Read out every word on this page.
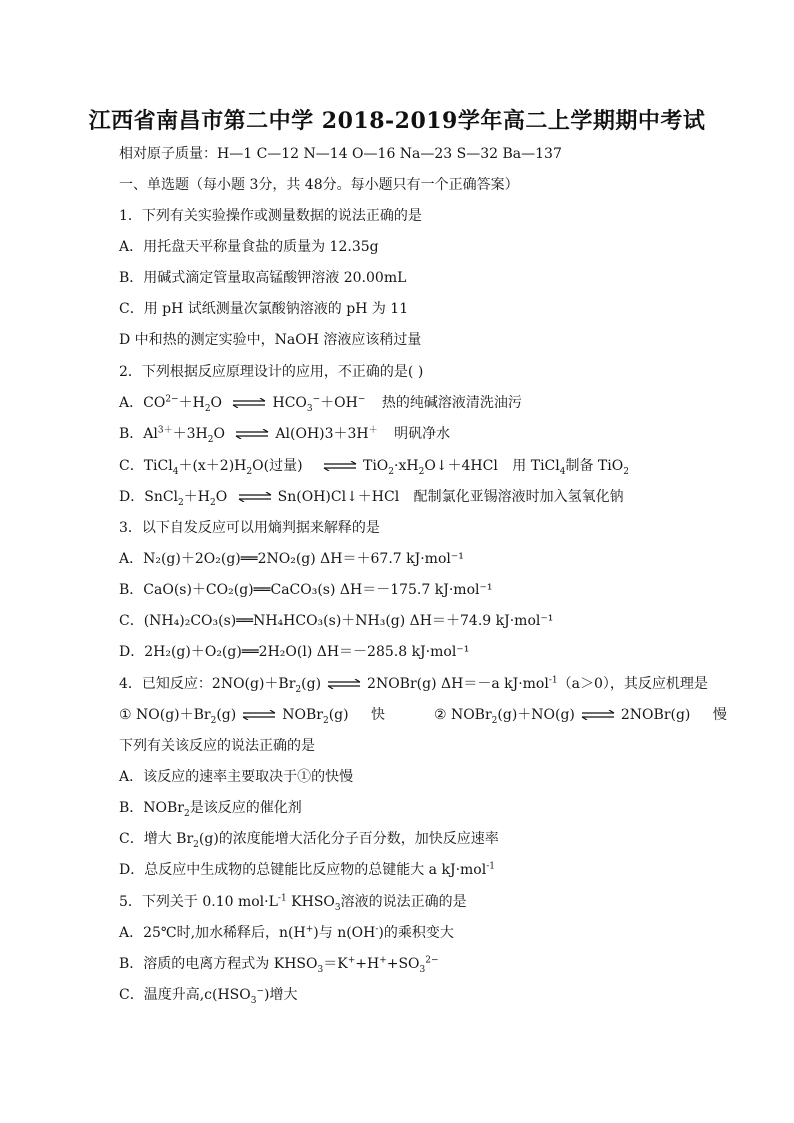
江西省南昌市第二中学 2018-2019学年高二上学期期中考试
相对原子质量：H—1 C—12 N—14 O—16 Na—23 S—32 Ba—137
一、单选题（每小题 3分，共 48分。每小题只有一个正确答案）
1．下列有关实验操作或测量数据的说法正确的是
A．用托盘天平称量食盐的质量为 12.35g
B．用碱式滴定管量取高锰酸钾溶液 20.00mL
C．用 pH 试纸测量次氯酸钠溶液的 pH 为 11
D 中和热的测定实验中，NaOH 溶液应该稍过量
2．下列根据反应原理设计的应用，不正确的是( )
A．$CO^{2-}+H_2O$	$HCO_3^-+OH^-$ 热的纯碱溶液清洗油污
B．$Al^{3+}+3H_2O$	Al(OH)3＋3H＋ 明矾净水
C．$TiCl_4+(x+2)H_2O$(过量)	$TiO_2\cdot xH_2O↓+4HCl$ 用 TiCl$_4$制备 TiO$_2$
D．$SnCl_2+H_2O$	Sn(OH)Cl↓＋HCl 配制氯化亚锡溶液时加入氢氧化钠
3．以下自发反应可以用熵判据来解释的是
A．N₂(g)＋2O₂(g)══2NO₂(g) ΔH＝＋67.7 kJ·mol⁻¹
B．CaO(s)＋CO₂(g)══CaCO₃(s) ΔH＝－175.7 kJ·mol⁻¹
C．(NH₄)₂CO₃(s)══NH₄HCO₃(s)＋NH₃(g) ΔH＝＋74.9 kJ·mol⁻¹
D．2H₂(g)＋O₂(g)══2H₂O(l) ΔH＝－285.8 kJ·mol⁻¹
4．已知反应：$2NO(g)+Br_2(g)$	2NOBr(g) ΔH＝－a kJ·mol$^{-1}$（a＞0），其反应机理是
① $NO(g)+Br_2(g)$	NOBr$_2$(g) 快	② NOBr$_2$(g)＋NO(g)	2NOBr(g) 慢
下列有关该反应的说法正确的是
A．该反应的速率主要取决于①的快慢
B．NOBr$_2$是该反应的催化剂
C．增大 $Br_2(g)$的浓度能增大活化分子百分数，加快反应速率
D．总反应中生成物的总键能比反应物的总键能大 a kJ·mol$^{-1}$
5．下列关于 0.10 $mol\cdot L^{-1}$ $KHSO_3$溶液的说法正确的是
A．25℃时,加水稀释后，n(H+)与 n(OH-)的乘积变大
B．溶质的电离方程式为 $KHSO_3=K^++H^++SO_3^{2-}$
C．温度升高$,c(HSO_3^-)$增大
